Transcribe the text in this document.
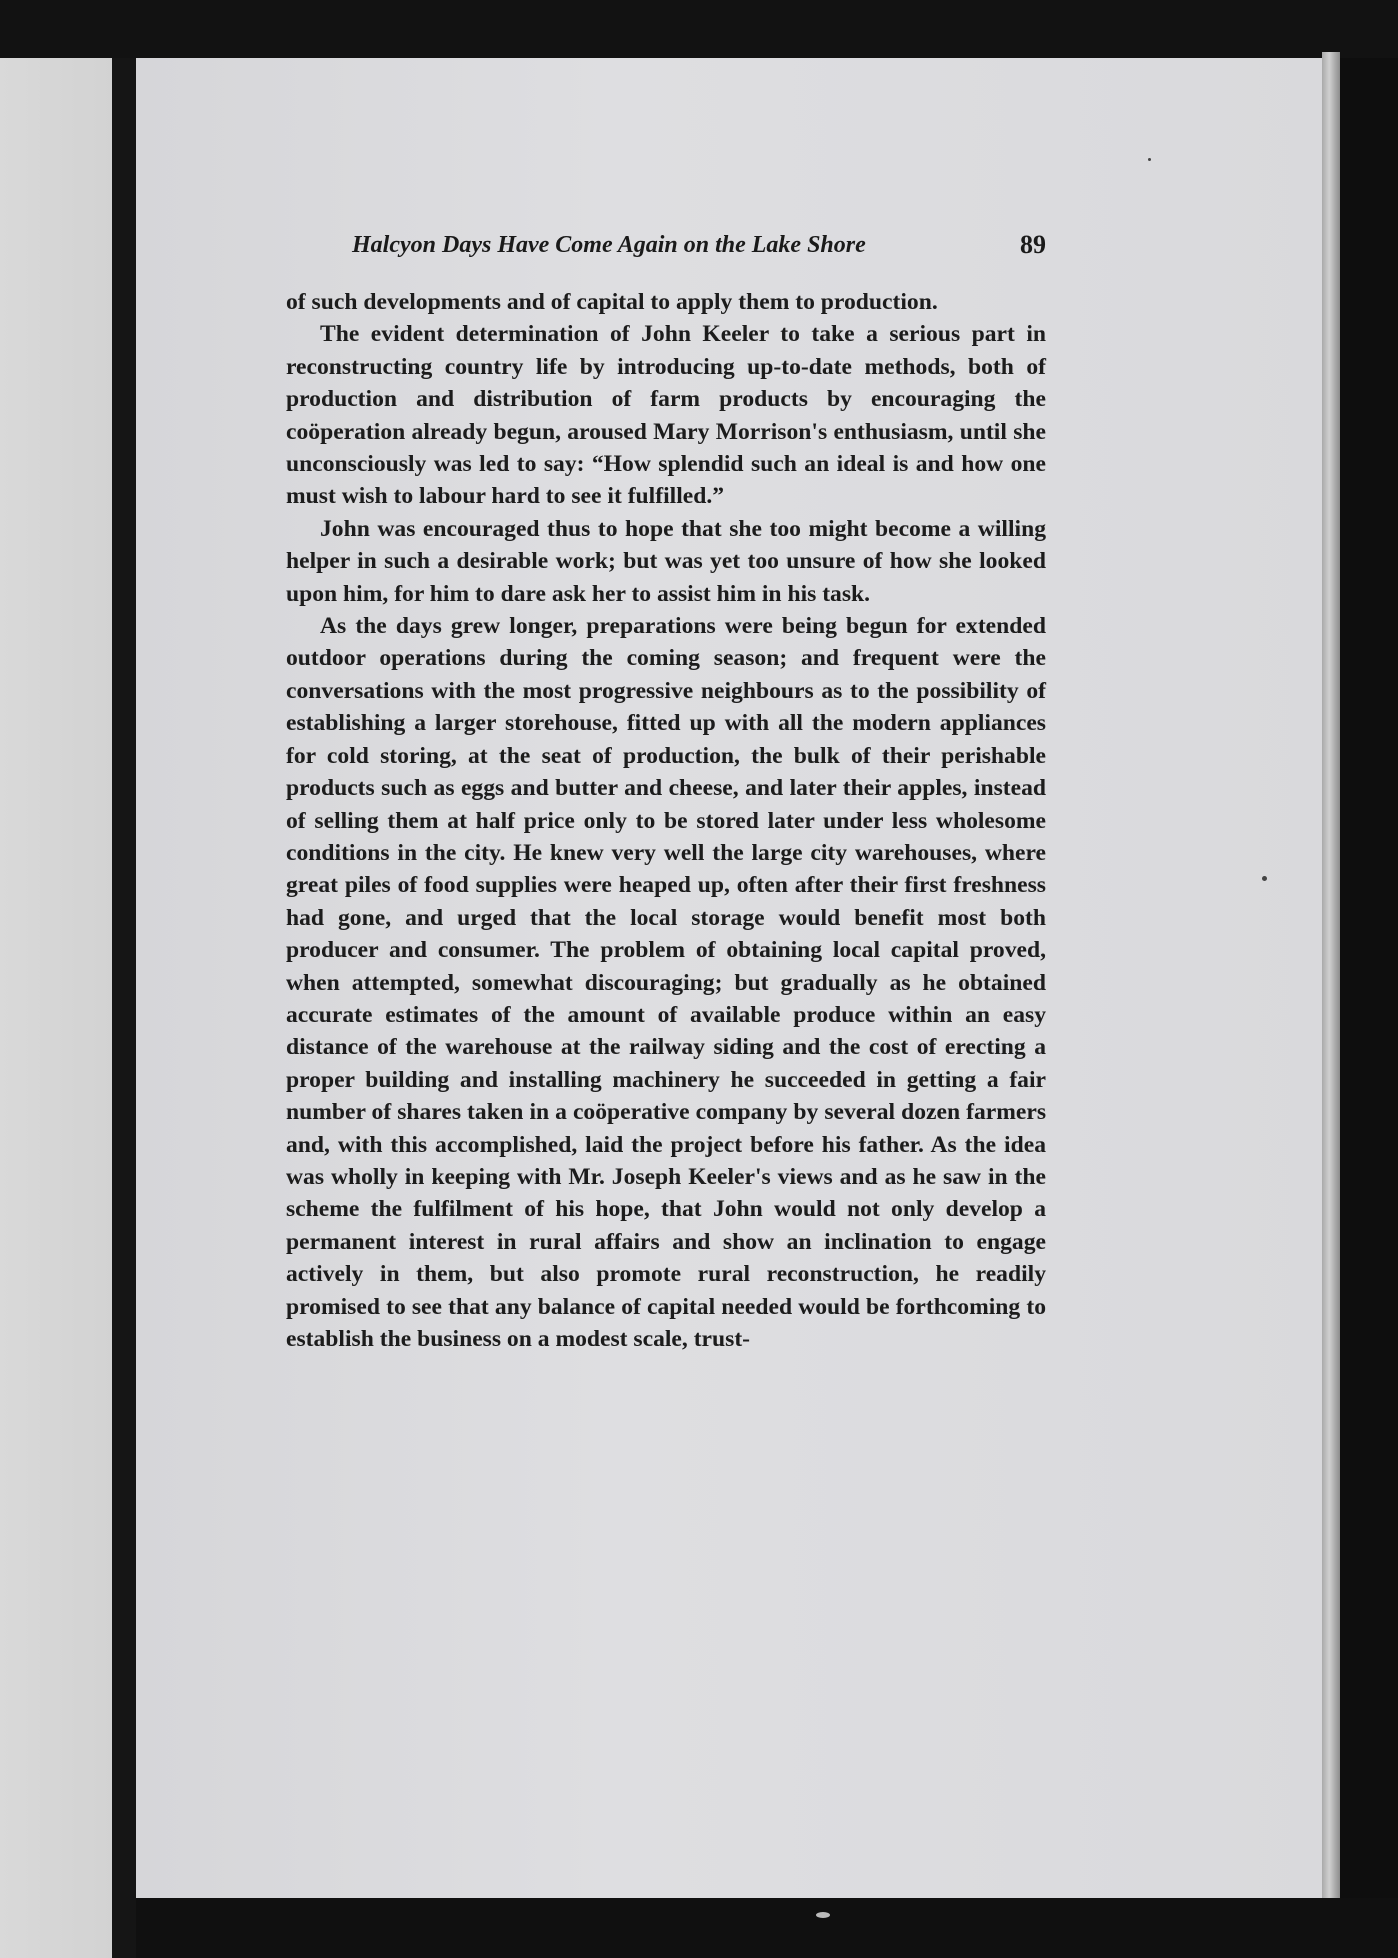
Halcyon Days Have Come Again on the Lake Shore	89

of such developments and of capital to apply them to production.

The evident determination of John Keeler to take a serious part in reconstructing country life by introducing up-to-date methods, both of production and distribution of farm products by encouraging the coöperation already begun, aroused Mary Morrison's enthusiasm, until she unconsciously was led to say: “How splendid such an ideal is and how one must wish to labour hard to see it fulfilled.”

John was encouraged thus to hope that she too might become a willing helper in such a desirable work; but was yet too unsure of how she looked upon him, for him to dare ask her to assist him in his task.

As the days grew longer, preparations were being begun for extended outdoor operations during the coming season; and frequent were the conversations with the most progressive neighbours as to the possibility of establishing a larger storehouse, fitted up with all the modern appliances for cold storing, at the seat of production, the bulk of their perishable products such as eggs and butter and cheese, and later their apples, instead of selling them at half price only to be stored later under less wholesome conditions in the city. He knew very well the large city warehouses, where great piles of food supplies were heaped up, often after their first freshness had gone, and urged that the local storage would benefit most both producer and consumer. The problem of obtaining local capital proved, when attempted, somewhat discouraging; but gradually as he obtained accurate estimates of the amount of available produce within an easy distance of the warehouse at the railway siding and the cost of erecting a proper building and installing machinery he succeeded in getting a fair number of shares taken in a coöperative company by several dozen farmers and, with this accomplished, laid the project before his father. As the idea was wholly in keeping with Mr. Joseph Keeler's views and as he saw in the scheme the fulfilment of his hope, that John would not only develop a permanent interest in rural affairs and show an inclination to engage actively in them, but also promote rural reconstruction, he readily promised to see that any balance of capital needed would be forthcoming to establish the business on a modest scale, trust-
